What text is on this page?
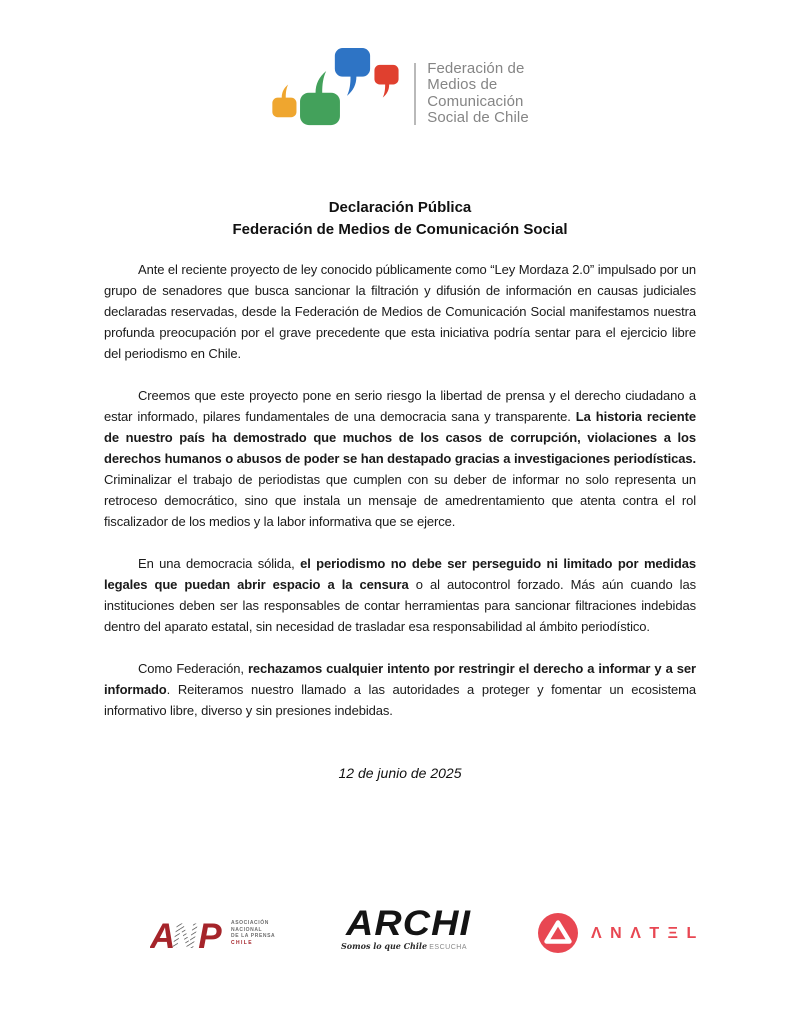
Federación de
Medios de
Comunicación
Social de Chile
Declaración Pública
Federación de Medios de Comunicación Social

Ante el reciente proyecto de ley conocido públicamente como “Ley Mordaza 2.0” impulsado por un grupo de senadores que busca sancionar la filtración y difusión de información en causas judiciales declaradas reservadas, desde la Federación de Medios de Comunicación Social manifestamos nuestra profunda preocupación por el grave precedente que esta iniciativa podría sentar para el ejercicio libre del periodismo en Chile.

Creemos que este proyecto pone en serio riesgo la libertad de prensa y el derecho ciudadano a estar informado, pilares fundamentales de una democracia sana y transparente. La historia reciente de nuestro país ha demostrado que muchos de los casos de corrupción, violaciones a los derechos humanos o abusos de poder se han destapado gracias a investigaciones periodísticas. Criminalizar el trabajo de periodistas que cumplen con su deber de informar no solo representa un retroceso democrático, sino que instala un mensaje de amedrentamiento que atenta contra el rol fiscalizador de los medios y la labor informativa que se ejerce.

En una democracia sólida, el periodismo no debe ser perseguido ni limitado por medidas legales que puedan abrir espacio a la censura o al autocontrol forzado. Más aún cuando las instituciones deben ser las responsables de contar herramientas para sancionar filtraciones indebidas dentro del aparato estatal, sin necesidad de trasladar esa responsabilidad al ámbito periodístico.

Como Federación, rechazamos cualquier intento por restringir el derecho a informar y a ser informado. Reiteramos nuestro llamado a las autoridades a proteger y fomentar un ecosistema informativo libre, diverso y sin presiones indebidas.

12 de junio de 2025
A
N P ASOCIACIÓN
NACIONAL
DE LA PRENSA
CHILE	ARCHI
Somos lo que Chile ESCUCHA
ΛNΛTΞL
